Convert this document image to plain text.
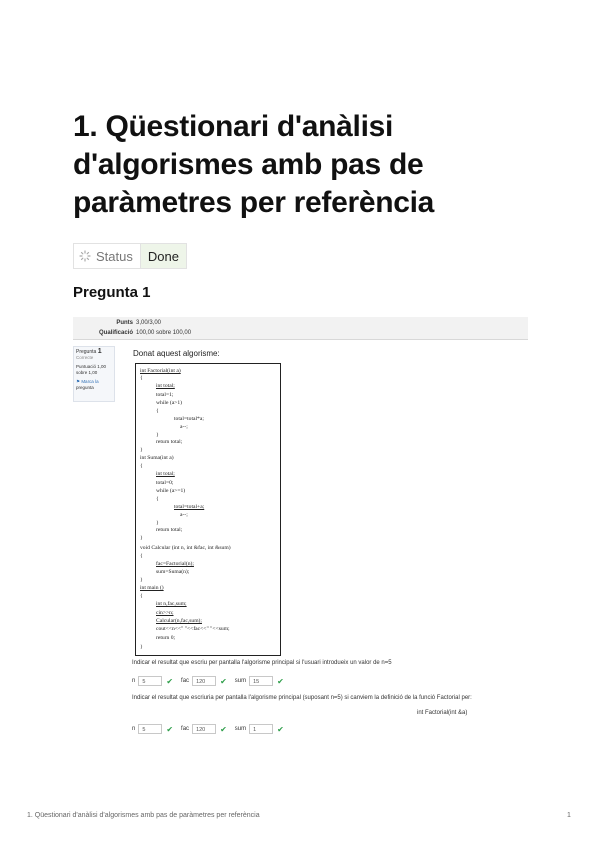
1. Qüestionari d'anàlisi d'algorismes amb pas de paràmetres per referència
Status	Done
Pregunta 1
Punts 3,00/3,00
Qualificació 100,00 sobre 100,00
Pregunta 1
Correcte
Puntuació 1,00
sobre 1,00
⚑ Marca la
pregunta
Donat aquest algorisme:
int Factorial(int a)
{
int total;
total=1;
while (a>1)
{
total=total*a;
a--;
}
return total;
}
int Suma(int a)
{
int total;
total=0;
while (a>=1)
{
total=total+a;
a--;
}
return total;
}
void Calcular (int n, int &fac, int &sum)
{
fac=Factorial(n);
sum=Suma(n);
}
int main ()
{
int n,fac,sum;
cin>>n;
Calcular(n,fac,sum);
cout<<n<<" "<<fac<<" "<<sum;
return 0;
}
Indicar el resultat que escriu per pantalla l'algorisme principal si l'usuari introdueix un valor de n=5
n	5	✔ fac	120	✔ sum	15	✔
Indicar el resultat que escriuria per pantalla l'algorisme principal (suposant n=5) si canviem la definició de la funció Factorial per:
int Factorial(int &a)
n	5	✔ fac	120	✔ sum	1	✔
1. Qüestionari d'anàlisi d'algorismes amb pas de paràmetres per referència	1
